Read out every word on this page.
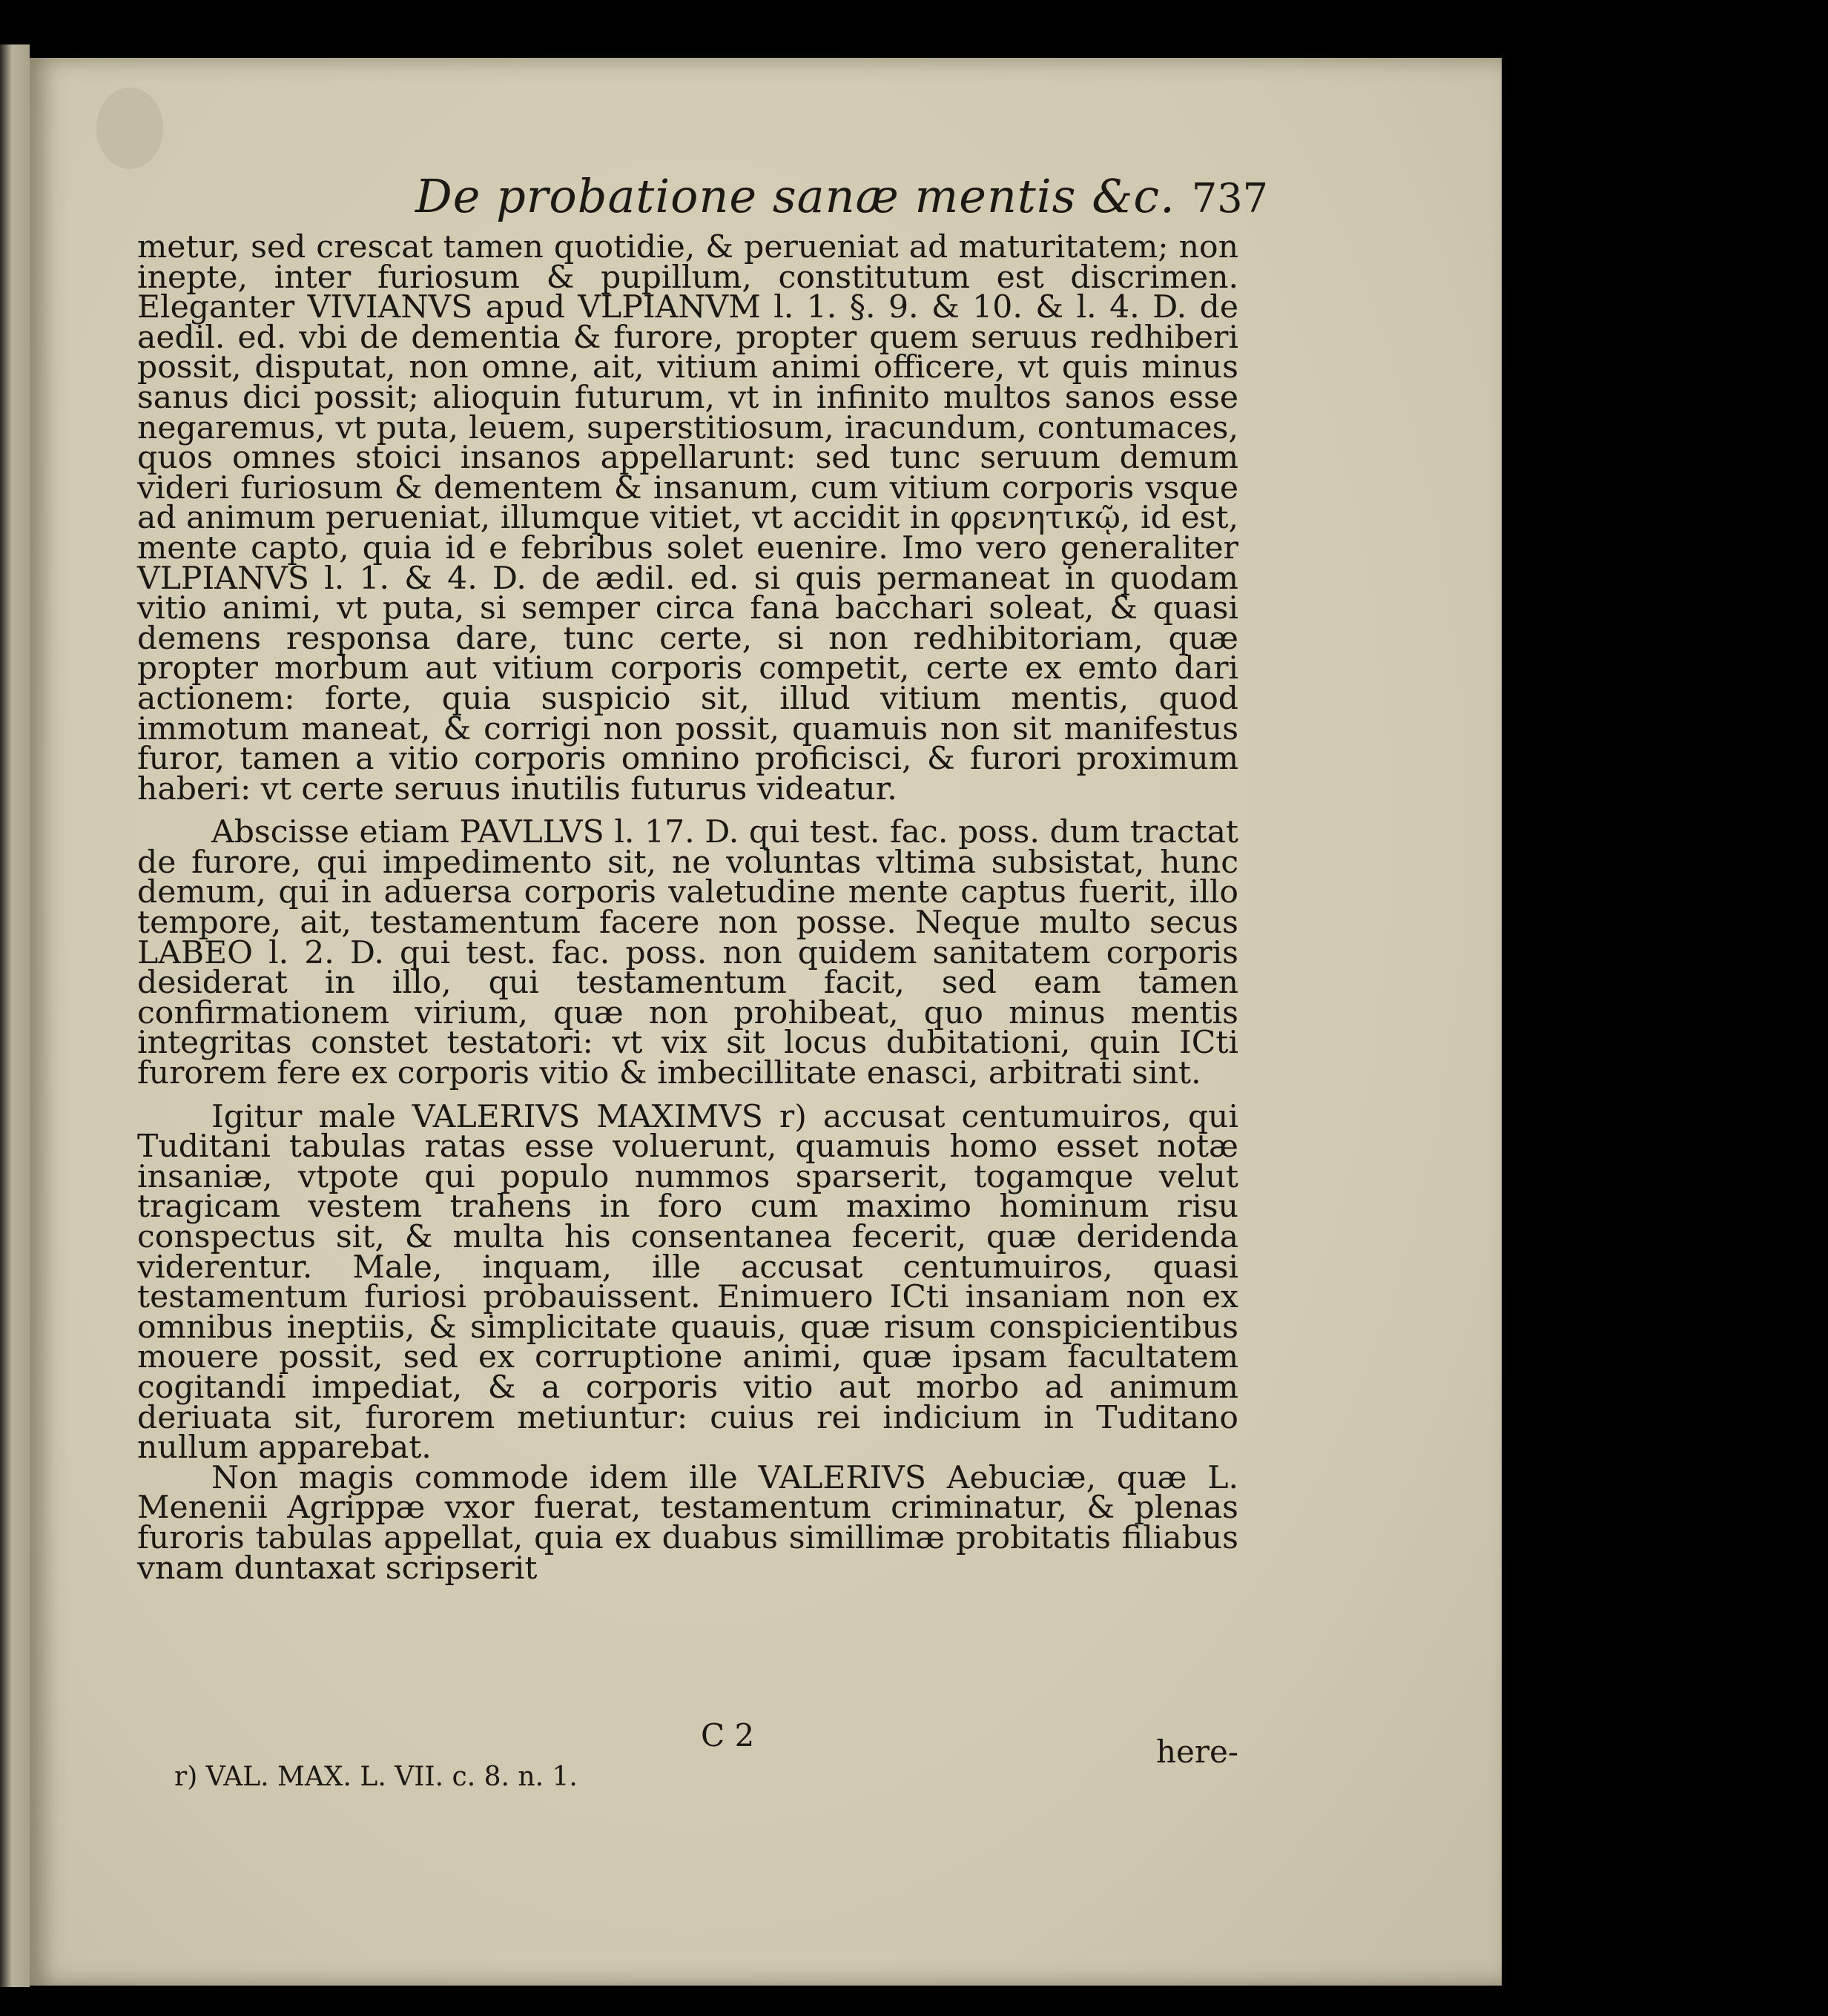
De probatione sanæ mentis &c. 737

metur, sed crescat tamen quotidie, & perueniat ad maturitatem; non inepte, inter furiosum & pupillum, constitutum est discrimen. Eleganter VIVIANVS apud VLPIANVM l. 1. §. 9. & 10. & l. 4. D. de aedil. ed. vbi de dementia & furore, propter quem seruus redhiberi possit, disputat, non omne, ait, vitium animi officere, vt quis minus sanus dici possit; alioquin futurum, vt in infinito multos sanos esse negaremus, vt puta, leuem, superstitiosum, iracundum, contumaces, quos omnes stoici insanos appellarunt: sed tunc seruum demum videri furiosum & dementem & insanum, cum vitium corporis vsque ad animum perueniat, illumque vitiet, vt accidit in φρενητικῷ, id est, mente capto, quia id e febribus solet euenire. Imo vero generaliter VLPIANVS l. 1. & 4. D. de ædil. ed. si quis permaneat in quodam vitio animi, vt puta, si semper circa fana bacchari soleat, & quasi demens responsa dare, tunc certe, si non redhibitoriam, quæ propter morbum aut vitium corporis competit, certe ex emto dari actionem: forte, quia suspicio sit, illud vitium mentis, quod immotum maneat, & corrigi non possit, quamuis non sit manifestus furor, tamen a vitio corporis omnino proficisci, & furori proximum haberi: vt certe seruus inutilis futurus videatur.

Abscisse etiam PAVLLVS l. 17. D. qui test. fac. poss. dum tractat de furore, qui impedimento sit, ne voluntas vltima subsistat, hunc demum, qui in aduersa corporis valetudine mente captus fuerit, illo tempore, ait, testamentum facere non posse. Neque multo secus LABEO l. 2. D. qui test. fac. poss. non quidem sanitatem corporis desiderat in illo, qui testamentum facit, sed eam tamen confirmationem virium, quæ non prohibeat, quo minus mentis integritas constet testatori: vt vix sit locus dubitationi, quin ICti furorem fere ex corporis vitio & imbecillitate enasci, arbitrati sint.

Igitur male VALERIVS MAXIMVS r) accusat centumuiros, qui Tuditani tabulas ratas esse voluerunt, quamuis homo esset notæ insaniæ, vtpote qui populo nummos sparserit, togamque velut tragicam vestem trahens in foro cum maximo hominum risu conspectus sit, & multa his consentanea fecerit, quæ deridenda viderentur. Male, inquam, ille accusat centumuiros, quasi testamentum furiosi probauissent. Enimuero ICti insaniam non ex omnibus ineptiis, & simplicitate quauis, quæ risum conspicientibus mouere possit, sed ex corruptione animi, quæ ipsam facultatem cogitandi impediat, & a corporis vitio aut morbo ad animum deriuata sit, furorem metiuntur: cuius rei indicium in Tuditano nullum apparebat.

Non magis commode idem ille VALERIVS Aebuciæ, quæ L. Menenii Agrippæ vxor fuerat, testamentum criminatur, & plenas furoris tabulas appellat, quia ex duabus simillimæ probitatis filiabus vnam duntaxat scripserit

C 2	here-
r) VAL. MAX. L. VII. c. 8. n. 1.
